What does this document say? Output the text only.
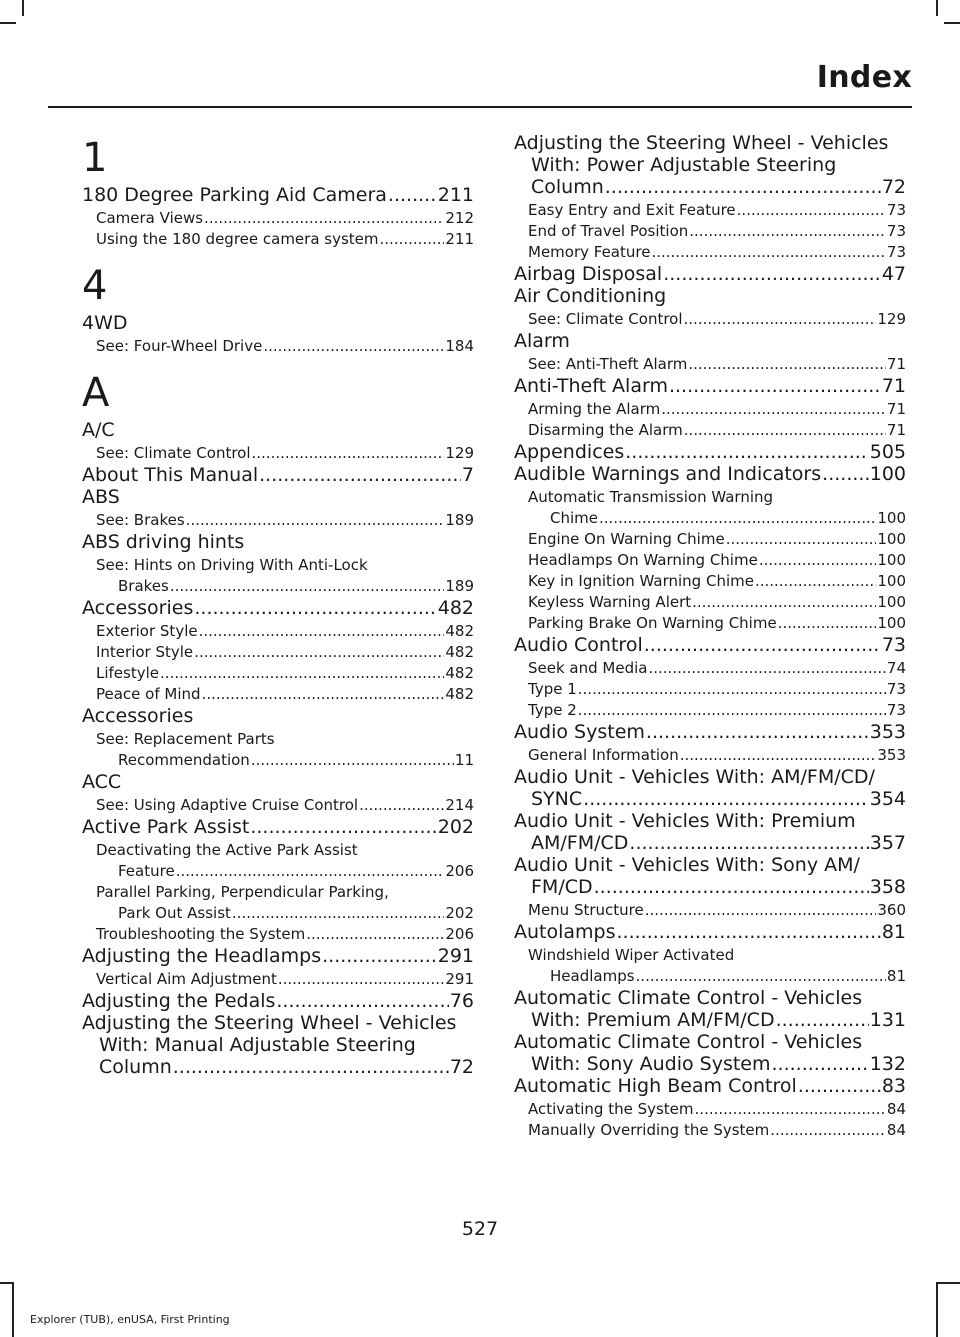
Index
1
180 Degree Parking Aid Camera .....	211
Camera Views .....	212
Using the 180 degree camera system .....	211
4
4WD
See: Four-Wheel Drive .....	184
A
A/C
See: Climate Control .....	129
About This Manual .....	7
ABS
See: Brakes .....	189
ABS driving hints
See: Hints on Driving With Anti-Lock
Brakes .....	189
Accessories .....	482
Exterior Style .....	482
Interior Style .....	482
Lifestyle .....	482
Peace of Mind .....	482
Accessories
See: Replacement Parts
Recommendation .....	11
ACC
See: Using Adaptive Cruise Control .....	214
Active Park Assist .....	202
Deactivating the Active Park Assist
Feature .....	206
Parallel Parking, Perpendicular Parking,
Park Out Assist .....	202
Troubleshooting the System .....	206
Adjusting the Headlamps .....	291
Vertical Aim Adjustment .....	291
Adjusting the Pedals .....	76
Adjusting the Steering Wheel - Vehicles
With: Manual Adjustable Steering
Column .....	72
Adjusting the Steering Wheel - Vehicles
With: Power Adjustable Steering
Column .....	72
Easy Entry and Exit Feature .....	73
End of Travel Position .....	73
Memory Feature .....	73
Airbag Disposal .....	47
Air Conditioning
See: Climate Control .....	129
Alarm
See: Anti-Theft Alarm .....	71
Anti-Theft Alarm .....	71
Arming the Alarm .....	71
Disarming the Alarm .....	71
Appendices .....	505
Audible Warnings and Indicators .....	100
Automatic Transmission Warning
Chime .....	100
Engine On Warning Chime .....	100
Headlamps On Warning Chime .....	100
Key in Ignition Warning Chime .....	100
Keyless Warning Alert .....	100
Parking Brake On Warning Chime .....	100
Audio Control .....	73
Seek and Media .....	74
Type 1 .....	73
Type 2 .....	73
Audio System .....	353
General Information .....	353
Audio Unit - Vehicles With: AM/FM/CD/
SYNC .....	354
Audio Unit - Vehicles With: Premium
AM/FM/CD .....	357
Audio Unit - Vehicles With: Sony AM/
FM/CD .....	358
Menu Structure .....	360
Autolamps .....	81
Windshield Wiper Activated
Headlamps .....	81
Automatic Climate Control - Vehicles
With: Premium AM/FM/CD .....	131
Automatic Climate Control - Vehicles
With: Sony Audio System .....	132
Automatic High Beam Control .....	83
Activating the System .....	84
Manually Overriding the System .....	84
527
Explorer (TUB), enUSA, First Printing
